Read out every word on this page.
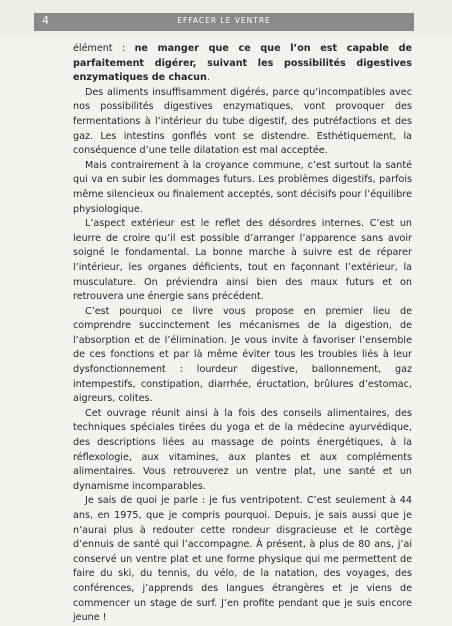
4	EFFACER LE VENTRE

élément : ne manger que ce que l’on est capable de parfaitement digérer, suivant les possibilités digestives enzymatiques de chacun.

Des aliments insuffisamment digérés, parce qu’incompatibles avec nos possibilités digestives enzymatiques, vont provoquer des fermentations à l’intérieur du tube digestif, des putréfactions et des gaz. Les intestins gonflés vont se distendre. Esthétiquement, la conséquence d’une telle dilatation est mal acceptée.

Mais contrairement à la croyance commune, c’est surtout la santé qui va en subir les dommages futurs. Les problèmes digestifs, parfois même silencieux ou finalement acceptés, sont décisifs pour l’équilibre physiologique.

L’aspect extérieur est le reflet des désordres internes. C’est un leurre de croire qu’il est possible d’arranger l’apparence sans avoir soigné le fondamental. La bonne marche à suivre est de réparer l’intérieur, les organes déficients, tout en façonnant l’extérieur, la musculature. On préviendra ainsi bien des maux futurs et on retrouvera une énergie sans précédent.

C’est pourquoi ce livre vous propose en premier lieu de comprendre succinctement les mécanismes de la digestion, de l’absorption et de l’élimination. Je vous invite à favoriser l’ensemble de ces fonctions et par là même éviter tous les troubles liés à leur dysfonctionnement : lourdeur digestive, ballonnement, gaz intempestifs, constipation, diarrhée, éructation, brûlures d’estomac, aigreurs, colites.

Cet ouvrage réunit ainsi à la fois des conseils alimentaires, des techniques spéciales tirées du yoga et de la médecine ayurvédique, des descriptions liées au massage de points énergétiques, à la réflexologie, aux vitamines, aux plantes et aux compléments alimentaires. Vous retrouverez un ventre plat, une santé et un dynamisme incomparables.

Je sais de quoi je parle : je fus ventripotent. C’est seulement à 44 ans, en 1975, que je compris pourquoi. Depuis, je sais aussi que je n’aurai plus à redouter cette rondeur disgracieuse et le cortège d’ennuis de santé qui l’accompagne. À présent, à plus de 80 ans, j’ai conservé un ventre plat et une forme physique qui me permettent de faire du ski, du tennis, du vélo, de la natation, des voyages, des conférences, j’apprends des langues étrangères et je viens de commencer un stage de surf. J’en profite pendant que je suis encore jeune !
